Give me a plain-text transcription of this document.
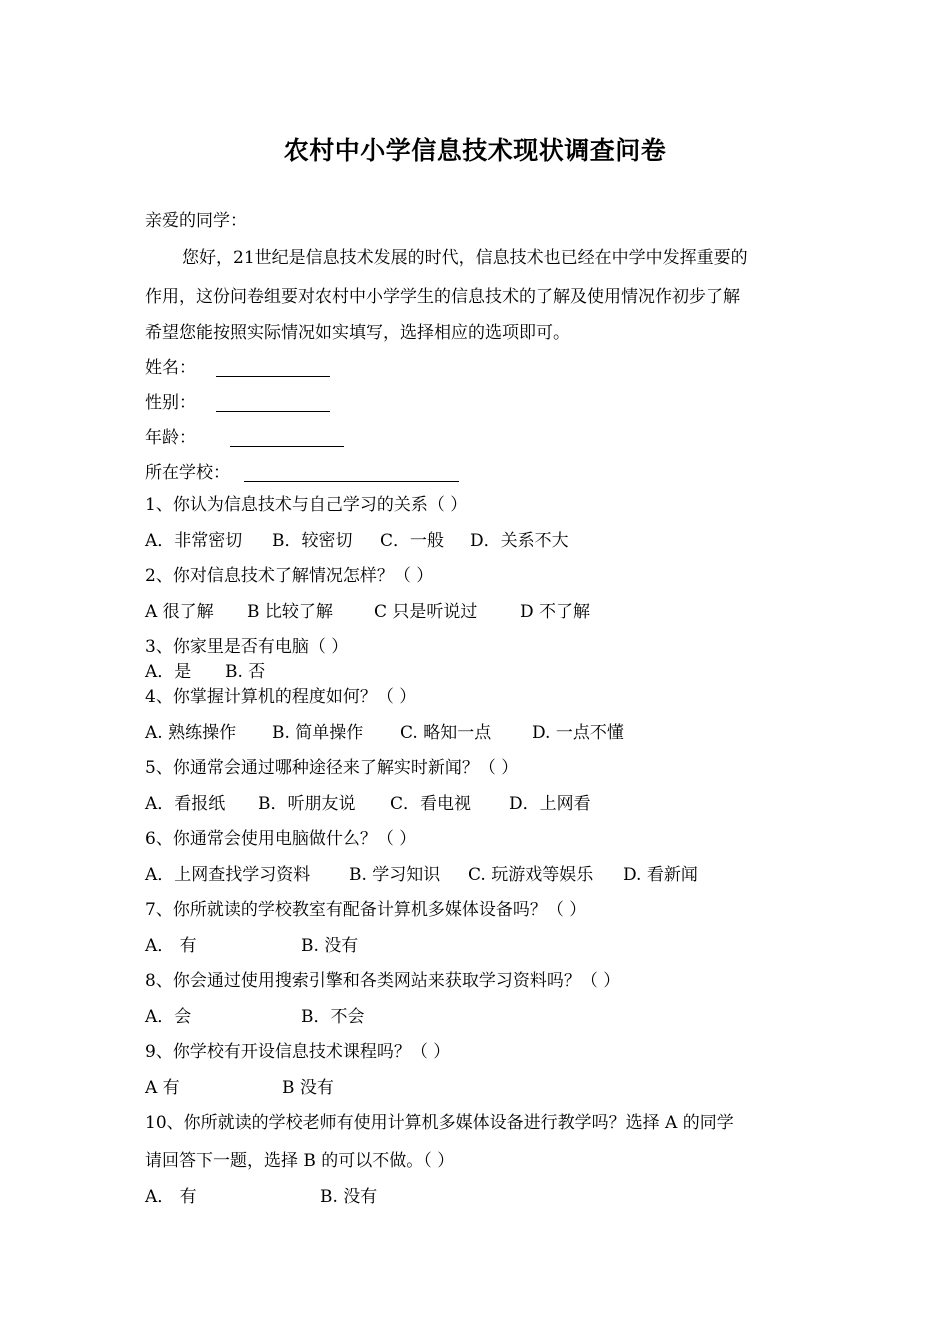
农村中小学信息技术现状调查问卷
亲爱的同学：
您好，21世纪是信息技术发展的时代，信息技术也已经在中学中发挥重要的
作用，这份问卷组要对农村中小学学生的信息技术的了解及使用情况作初步了解
希望您能按照实际情况如实填写，选择相应的选项即可。
姓名：
性别：
年龄：
所在学校：
1、你认为信息技术与自己学习的关系（ ）
A．非常密切 B．较密切 C．一般 D．关系不大
2、你对信息技术了解情况怎样？（ ）
A 很了解 B 比较了解 C 只是听说过	D 不了解
3、你家里是否有电脑（ ）
A．是 B. 否
4、你掌握计算机的程度如何？（ ）
A. 熟练操作 B. 简单操作 C. 略知一点 D. 一点不懂
5、你通常会通过哪种途径来了解实时新闻？（ ）
A．看报纸 B．听朋友说 C．看电视 D．上网看
6、你通常会使用电脑做什么？（ ）
A．上网查找学习资料 B. 学习知识 C. 玩游戏等娱乐 D. 看新闻
7、你所就读的学校教室有配备计算机多媒体设备吗？（ ）
A． 有	B. 没有
8、你会通过使用搜索引擎和各类网站来获取学习资料吗？（ ）
A．会	B．不会
9、你学校有开设信息技术课程吗？（ ）
A 有	B 没有
10、你所就读的学校老师有使用计算机多媒体设备进行教学吗？选择 A 的同学
请回答下一题，选择 B 的可以不做。（ ）
A． 有	B. 没有
